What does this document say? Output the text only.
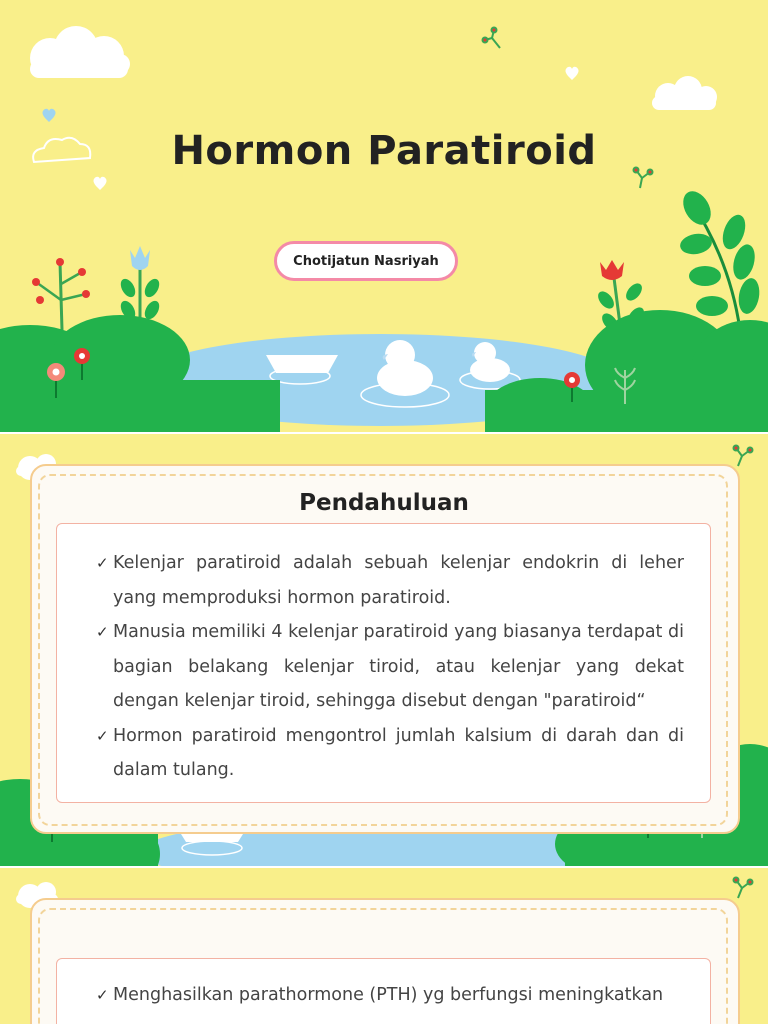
Hormon Paratiroid
Chotijatun Nasriyah
Pendahuluan
✓ Kelenjar paratiroid adalah sebuah kelenjar endokrin di leher yang memproduksi hormon paratiroid.
✓ Manusia memiliki 4 kelenjar paratiroid yang biasanya terdapat di bagian belakang kelenjar tiroid, atau kelenjar yang dekat dengan kelenjar tiroid, sehingga disebut dengan "paratiroid“
✓ Hormon paratiroid mengontrol jumlah kalsium di darah dan di dalam tulang.
✓ Menghasilkan parathormone (PTH) yg berfungsi meningkatkan
